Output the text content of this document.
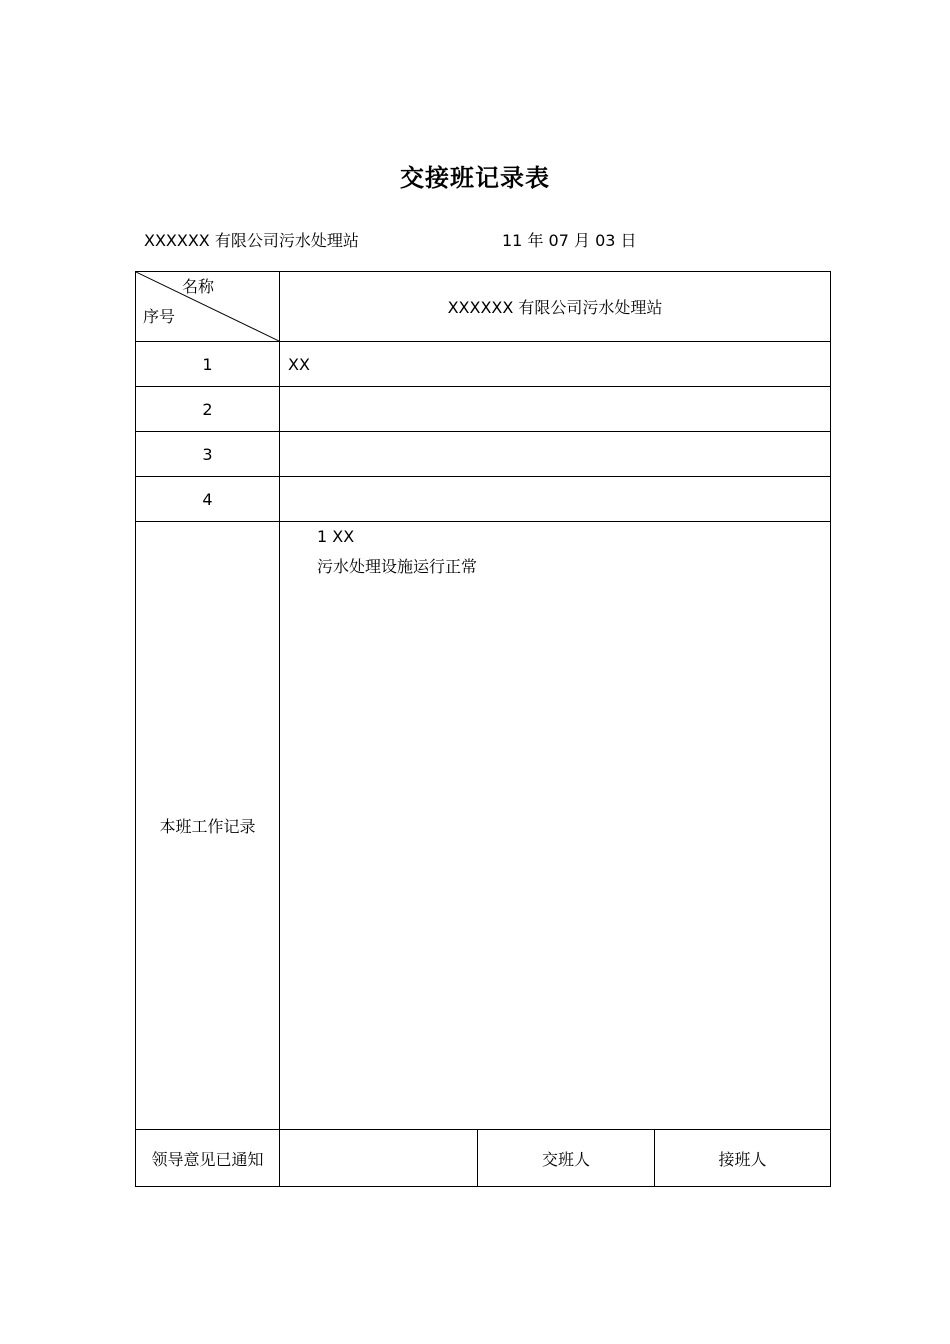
交接班记录表
XXXXXX 有限公司污水处理站	11 年 07 月 03 日
名称
序号	XXXXXX 有限公司污水处理站		
1	XX		
2			
3			
4			
本班工作记录	1 XX
污水处理设施运行正常		

领导意见已通知		交班人	接班人
